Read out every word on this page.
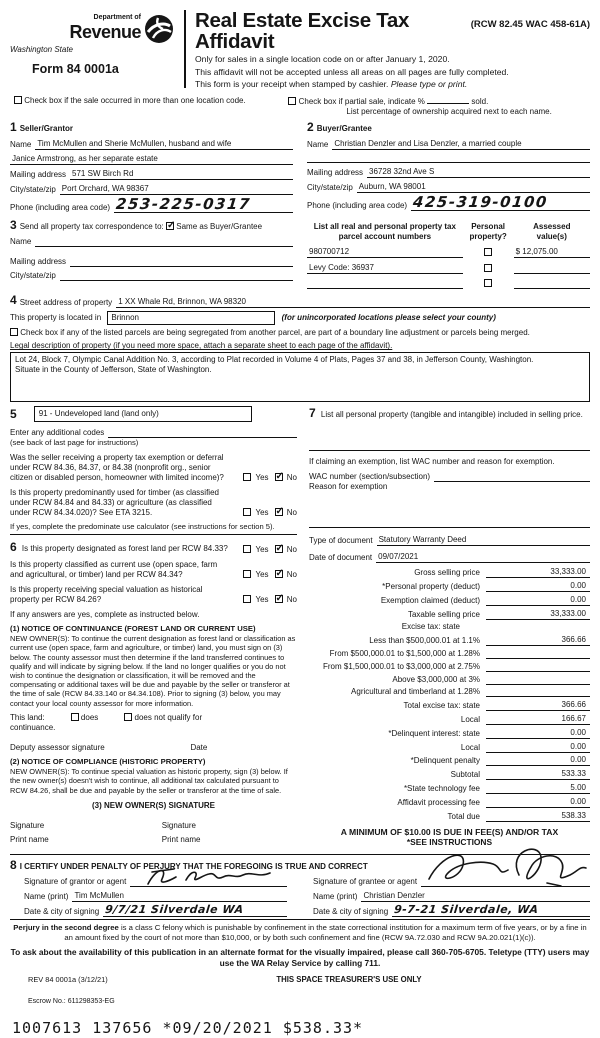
Department of
Revenue
Washington State
Form 84 0001a
Real Estate Excise Tax Affidavit
(RCW 82.45 WAC 458-61A)
Only for sales in a single location code on or after January 1, 2020.
This affidavit will not be accepted unless all areas on all pages are fully completed.
This form is your receipt when stamped by cashier. Please type or print.
Check box if the sale occurred in more than one location code.	Check box if partial sale, indicate %	sold.
List percentage of ownership acquired next to each name.
1 Seller/Grantor
Name Tim McMullen and Sherie McMullen, husband and wife
Janice Armstrong, as her separate estate
Mailing address 571 SW Birch Rd
City/state/zip Port Orchard, WA 98367
Phone (including area code) 253-225-0317
2 Buyer/Grantee
Name Christian Denzler and Lisa Denzler, a married couple
Mailing address 36728 32nd Ave S
City/state/zip Auburn, WA 98001
Phone (including area code) 425-319-0100
3 Send all property tax correspondence to: ✓ Same as Buyer/Grantee
Name
Mailing address
City/state/zip
List all real and personal property tax
parcel account numbers
Personal
property?
Assessed
value(s)
980700712	$ 12,075.00
Levy Code: 36937
4 Street address of property 1 XX Whale Rd, Brinnon, WA 98320
This property is located in Brinnon	(for unincorporated locations please select your county)
Check box if any of the listed parcels are being segregated from another parcel, are part of a boundary line adjustment or parcels being merged.
Legal description of property (if you need more space, attach a separate sheet to each page of the affidavit).
Lot 24, Block 7, Olympic Canal Addition No. 3, according to Plat recorded in Volume 4 of Plats, Pages 37 and 38, in Jefferson County, Washington.
Situate in the County of Jefferson, State of Washington.
5	91 - Undeveloped land (land only)
Enter any additional codes
(see back of last page for instructions)
Was the seller receiving a property tax exemption or deferral under RCW 84.36, 84.37, or 84.38 (nonprofit org., senior citizen or disabled person, homeowner with limited income)?	Yes✓ No
Is this property predominantly used for timber (as classified under RCW 84.84 and 84.33) or agriculture (as classified under RCW 84.34.020)? See ETA 3215.	Yes✓ No
If yes, complete the predominate use calculator (see instructions for section 5).
6 Is this property designated as forest land per RCW 84.33?	Yes✓ No
Is this property classified as current use (open space, farm and agricultural, or timber) land per RCW 84.34?	Yes✓ No
Is this property receiving special valuation as historical property per RCW 84.26?	Yes✓ No
If any answers are yes, complete as instructed below.
(1) NOTICE OF CONTINUANCE (FOREST LAND OR CURRENT USE)
NEW OWNER(S): To continue the current designation as forest land or classification as current use (open space, farm and agriculture, or timber) land, you must sign on (3) below. The county assessor must then determine if the land transferred continues to qualify and will indicate by signing below. If the land no longer qualifies or you do not wish to continue the designation or classification, it will be removed and the compensating or additional taxes will be due and payable by the seller or transferor at the time of sale (RCW 84.33.140 or 84.34.108). Prior to signing (3) below, you may contact your local county assessor for more information.
This land:	does	does not qualify for
continuance.
Deputy assessor signature	Date
(2) NOTICE OF COMPLIANCE (HISTORIC PROPERTY)
NEW OWNER(S): To continue special valuation as historic property, sign (3) below. If the new owner(s) doesn't wish to continue, all additional tax calculated pursuant to RCW 84.26, shall be due and payable by the seller or transferor at the time of sale.
(3) NEW OWNER(S) SIGNATURE
Signature	Signature
Print name	Print name
7 List all personal property (tangible and intangible) included in selling price.
If claiming an exemption, list WAC number and reason for exemption.
WAC number (section/subsection)
Reason for exemption
Type of document Statutory Warranty Deed
Date of document 09/07/2021
Gross selling price	33,333.00
*Personal property (deduct)	0.00
Exemption claimed (deduct)	0.00
Taxable selling price	33,333.00
Excise tax: state
Less than $500,000.01 at 1.1%	366.66
From $500,000.01 to $1,500,000 at 1.28%
From $1,500,000.01 to $3,000,000 at 2.75%
Above $3,000,000 at 3%
Agricultural and timberland at 1.28%
Total excise tax: state	366.66
Local	166.67
*Delinquent interest: state	0.00
Local	0.00
*Delinquent penalty	0.00
Subtotal	533.33
*State technology fee	5.00
Affidavit processing fee	0.00
Total due	538.33
A MINIMUM OF $10.00 IS DUE IN FEE(S) AND/OR TAX
*SEE INSTRUCTIONS
8 I CERTIFY UNDER PENALTY OF PERJURY THAT THE FOREGOING IS TRUE AND CORRECT
Signature of grantor or agent
Name (print) Tim McMullen
Date & city of signing 9/7/21 Silverdale WA
Signature of grantee or agent
Name (print) Christian Denzler
Date & city of signing 9-7-21 Silverdale, WA
Perjury in the second degree is a class C felony which is punishable by confinement in the state correctional institution for a maximum term of five years, or by a fine in an amount fixed by the court of not more than $10,000, or by both such confinement and fine (RCW 9A.72.030 and RCW 9A.20.021(1)(c)).
To ask about the availability of this publication in an alternate format for the visually impaired, please call 360-705-6705. Teletype (TTY) users may use the WA Relay Service by calling 711.
REV 84 0001a (3/12/21)	THIS SPACE TREASURER'S USE ONLY
Escrow No.: 611298353-EG
1007613 137656 *09/20/2021 $538.33*
